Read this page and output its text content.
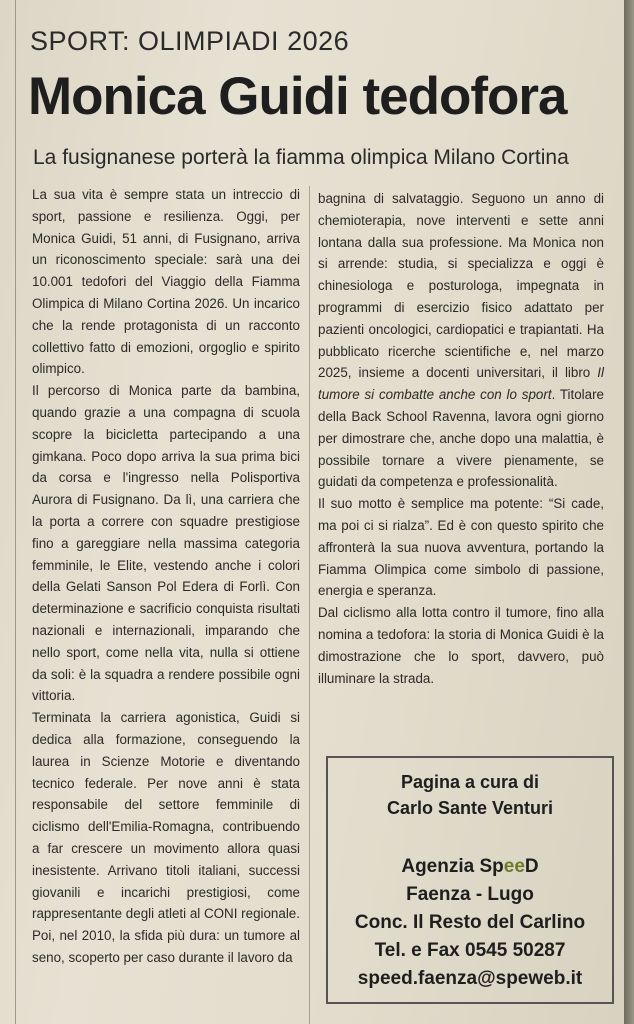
SPORT: OLIMPIADI 2026
Monica Guidi tedofora
La fusignanese porterà la fiamma olimpica Milano Cortina

La sua vita è sempre stata un intreccio di sport, passione e resilienza. Oggi, per Monica Guidi, 51 anni, di Fusignano, arriva un riconoscimento speciale: sarà una dei 10.001 tedofori del Viaggio della Fiamma Olimpica di Milano Cortina 2026. Un incarico che la rende protagonista di un racconto collettivo fatto di emozioni, orgoglio e spirito olimpico.

Il percorso di Monica parte da bambina, quando grazie a una compagna di scuola scopre la bicicletta partecipando a una gimkana. Poco dopo arriva la sua prima bici da corsa e l'ingresso nella Polisportiva Aurora di Fusignano. Da lì, una carriera che la porta a correre con squadre prestigiose fino a gareggiare nella massima categoria femminile, le Elite, vestendo anche i colori della Gelati Sanson Pol Edera di Forlì. Con determinazione e sacrificio conquista risultati nazionali e internazionali, imparando che nello sport, come nella vita, nulla si ottiene da soli: è la squadra a rendere possibile ogni vittoria.

Terminata la carriera agonistica, Guidi si dedica alla formazione, conseguendo la laurea in Scienze Motorie e diventando tecnico federale. Per nove anni è stata responsabile del settore femminile di ciclismo dell'Emilia-Romagna, contribuendo a far crescere un movimento allora quasi inesistente. Arrivano titoli italiani, successi giovanili e incarichi prestigiosi, come rappresentante degli atleti al CONI regionale.

Poi, nel 2010, la sfida più dura: un tumore al seno, scoperto per caso durante il lavoro da

bagnina di salvataggio. Seguono un anno di chemioterapia, nove interventi e sette anni lontana dalla sua professione. Ma Monica non si arrende: studia, si specializza e oggi è chinesiologa e posturologa, impegnata in programmi di esercizio fisico adattato per pazienti oncologici, cardiopatici e trapiantati. Ha pubblicato ricerche scientifiche e, nel marzo 2025, insieme a docenti universitari, il libro Il tumore si combatte anche con lo sport. Titolare della Back School Ravenna, lavora ogni giorno per dimostrare che, anche dopo una malattia, è possibile tornare a vivere pienamente, se guidati da competenza e professionalità.

Il suo motto è semplice ma potente: “Si cade, ma poi ci si rialza”. Ed è con questo spirito che affronterà la sua nuova avventura, portando la Fiamma Olimpica come simbolo di passione, energia e speranza.

Dal ciclismo alla lotta contro il tumore, fino alla nomina a tedofora: la storia di Monica Guidi è la dimostrazione che lo sport, davvero, può illuminare la strada.

Pagina a cura di
Carlo Sante Venturi
Agenzia SpeeD
Faenza - Lugo
Conc. Il Resto del Carlino
Tel. e Fax 0545 50287
speed.faenza@speweb.it
